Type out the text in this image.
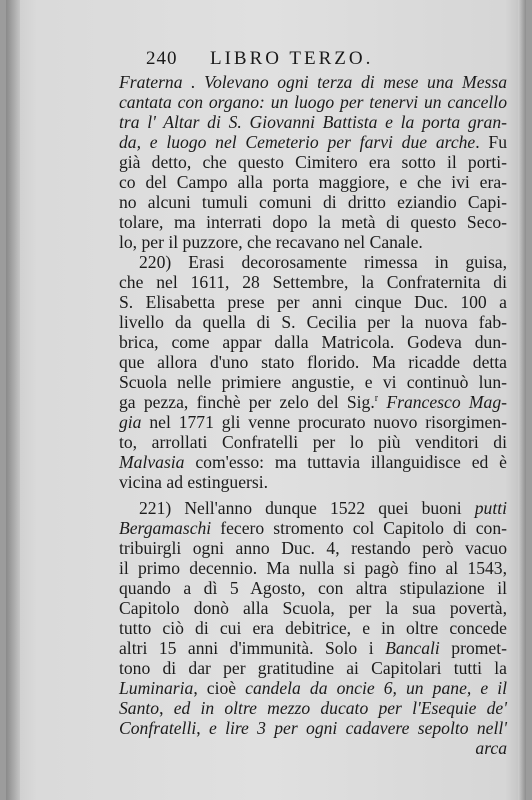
240 LIBRO TERZO.
Fraterna . Volevano ogni terza di mese una Messa
cantata con organo: un luogo per tenervi un cancello
tra l' Altar di S. Giovanni Battista e la porta gran-
da, e luogo nel Cemeterio per farvi due arche. Fu
già detto, che questo Cimitero era sotto il porti-
co del Campo alla porta maggiore, e che ivi era-
no alcuni tumuli comuni di dritto eziandio Capi-
tolare, ma interrati dopo la metà di questo Seco-
lo, per il puzzore, che recavano nel Canale.
220) Erasi decorosamente rimessa in guisa,
che nel 1611, 28 Settembre, la Confraternita di
S. Elisabetta prese per anni cinque Duc. 100 a
livello da quella di S. Cecilia per la nuova fab-
brica, come appar dalla Matricola. Godeva dun-
que allora d'uno stato florido. Ma ricadde detta
Scuola nelle primiere angustie, e vi continuò lun-
ga pezza, finchè per zelo del Sig.$^r$ Francesco Mag-
gia nel 1771 gli venne procurato nuovo risorgimen-
to, arrollati Confratelli per lo più venditori di
Malvasia com'esso: ma tuttavia illanguidisce ed è
vicina ad estinguersi.
221) Nell'anno dunque 1522 quei buoni putti
Bergamaschi fecero stromento col Capitolo di con-
tribuirgli ogni anno Duc. 4, restando però vacuo
il primo decennio. Ma nulla si pagò fino al 1543,
quando a dì 5 Agosto, con altra stipulazione il
Capitolo donò alla Scuola, per la sua povertà,
tutto ciò di cui era debitrice, e in oltre concede
altri 15 anni d'immunità. Solo i Bancali promet-
tono di dar per gratitudine ai Capitolari tutti la
Luminaria, cioè candela da oncie 6, un pane, e il
Santo, ed in oltre mezzo ducato per l'Esequie de'
Confratelli, e lire 3 per ogni cadavere sepolto nell'
arca
